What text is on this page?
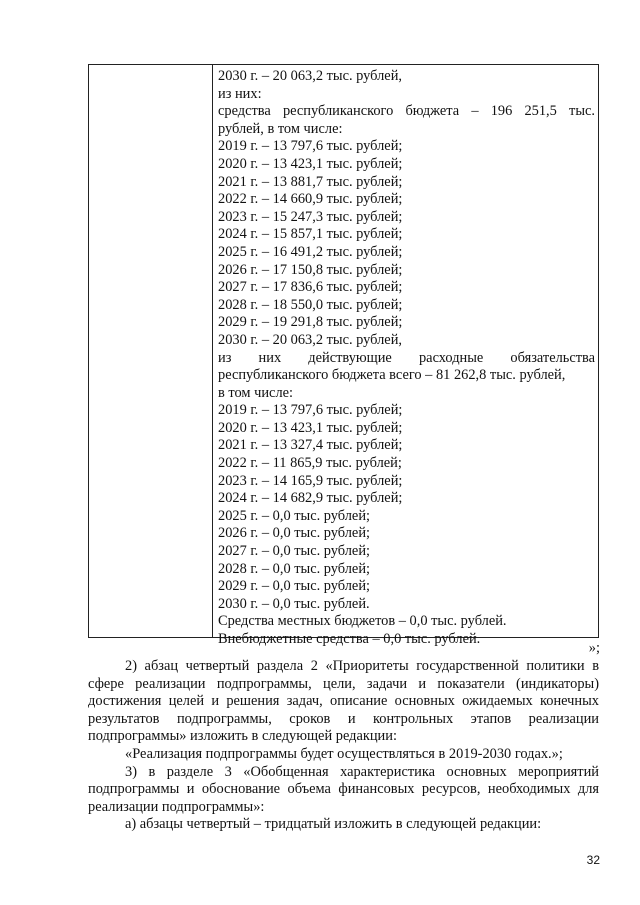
2030 г. – 20 063,2 тыс. рублей,
из них:
средства республиканского бюджета – 196 251,5 тыс.
рублей, в том числе:
2019 г. – 13 797,6 тыс. рублей;
2020 г. – 13 423,1 тыс. рублей;
2021 г. – 13 881,7 тыс. рублей;
2022 г. – 14 660,9 тыс. рублей;
2023 г. – 15 247,3 тыс. рублей;
2024 г. – 15 857,1 тыс. рублей;
2025 г. – 16 491,2 тыс. рублей;
2026 г. – 17 150,8 тыс. рублей;
2027 г. – 17 836,6 тыс. рублей;
2028 г. – 18 550,0 тыс. рублей;
2029 г. – 19 291,8 тыс. рублей;
2030 г. – 20 063,2 тыс. рублей,
из них действующие расходные обязательства
республиканского бюджета всего – 81 262,8 тыс. рублей,
в том числе:
2019 г. – 13 797,6 тыс. рублей;
2020 г. – 13 423,1 тыс. рублей;
2021 г. – 13 327,4 тыс. рублей;
2022 г. – 11 865,9 тыс. рублей;
2023 г. – 14 165,9 тыс. рублей;
2024 г. – 14 682,9 тыс. рублей;
2025 г. – 0,0 тыс. рублей;
2026 г. – 0,0 тыс. рублей;
2027 г. – 0,0 тыс. рублей;
2028 г. – 0,0 тыс. рублей;
2029 г. – 0,0 тыс. рублей;
2030 г. – 0,0 тыс. рублей.
Средства местных бюджетов – 0,0 тыс. рублей.
Внебюджетные средства – 0,0 тыс. рублей.
»;
2) абзац четвертый раздела 2 «Приоритеты государственной политики в сфере реализации подпрограммы, цели, задачи и показатели (индикаторы) достижения целей и решения задач, описание основных ожидаемых конечных результатов подпрограммы, сроков и контрольных этапов реализации подпрограммы» изложить в следующей редакции:
«Реализация подпрограммы будет осуществляться в 2019-2030 годах.»;
3) в разделе 3 «Обобщенная характеристика основных мероприятий подпрограммы и обоснование объема финансовых ресурсов, необходимых для реализации подпрограммы»:
а) абзацы четвертый – тридцатый изложить в следующей редакции:
32
